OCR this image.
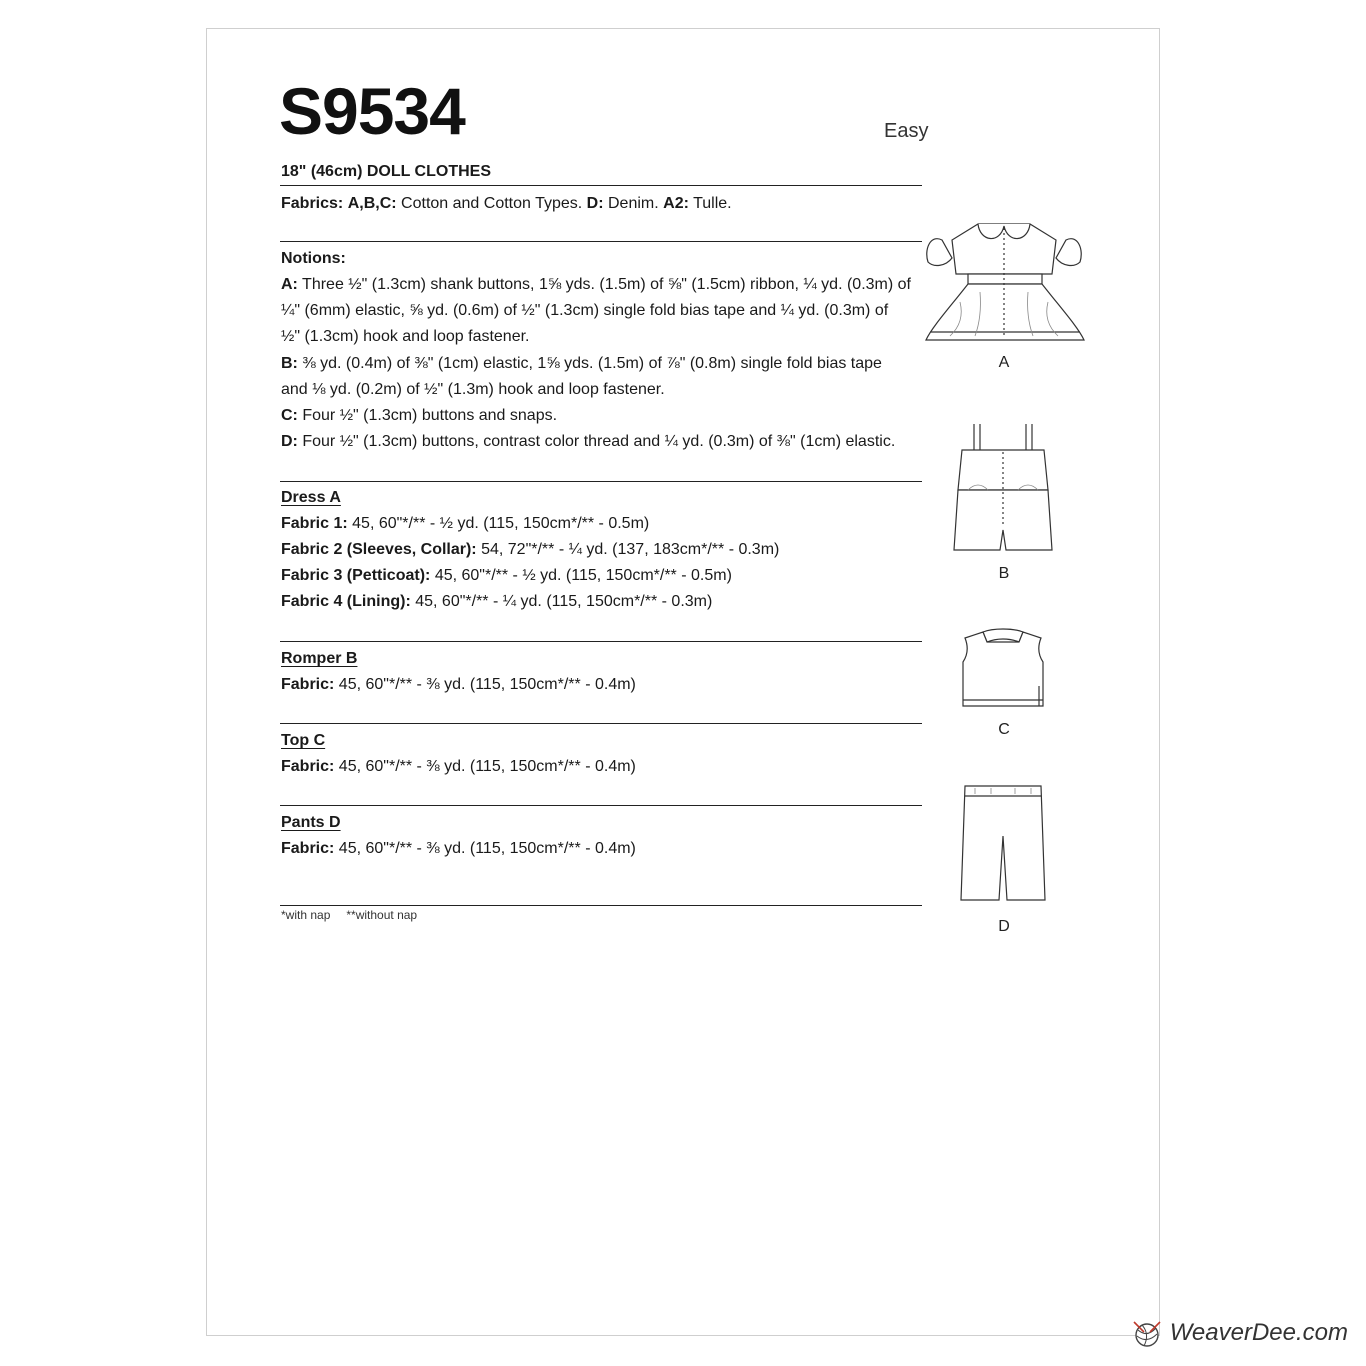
S9534	Easy
18" (46cm) DOLL CLOTHES
Fabrics: A,B,C: Cotton and Cotton Types. D: Denim. A2: Tulle.
Notions:
A: Three ½" (1.3cm) shank buttons, 1⅝ yds. (1.5m) of ⅝" (1.5cm) ribbon, ¼ yd. (0.3m) of
¼" (6mm) elastic, ⅝ yd. (0.6m) of ½" (1.3cm) single fold bias tape and ¼ yd. (0.3m) of
½" (1.3cm) hook and loop fastener.
B: ⅜ yd. (0.4m) of ⅜" (1cm) elastic, 1⅝ yds. (1.5m) of ⅞" (0.8m) single fold bias tape
and ⅛ yd. (0.2m) of ½" (1.3m) hook and loop fastener.
C: Four ½" (1.3cm) buttons and snaps.
D: Four ½" (1.3cm) buttons, contrast color thread and ¼ yd. (0.3m) of ⅜" (1cm) elastic.
Dress A
Fabric 1: 45, 60"*/** - ½ yd. (115, 150cm*/** - 0.5m)
Fabric 2 (Sleeves, Collar): 54, 72"*/** - ¼ yd. (137, 183cm*/** - 0.3m)
Fabric 3 (Petticoat): 45, 60"*/** - ½ yd. (115, 150cm*/** - 0.5m)
Fabric 4 (Lining): 45, 60"*/** - ¼ yd. (115, 150cm*/** - 0.3m)
Romper B
Fabric: 45, 60"*/** - ⅜ yd. (115, 150cm*/** - 0.4m)
Top C
Fabric: 45, 60"*/** - ⅜ yd. (115, 150cm*/** - 0.4m)
Pants D
Fabric: 45, 60"*/** - ⅜ yd. (115, 150cm*/** - 0.4m)
*with nap **without nap
A
B
C
D
WeaverDee.com
